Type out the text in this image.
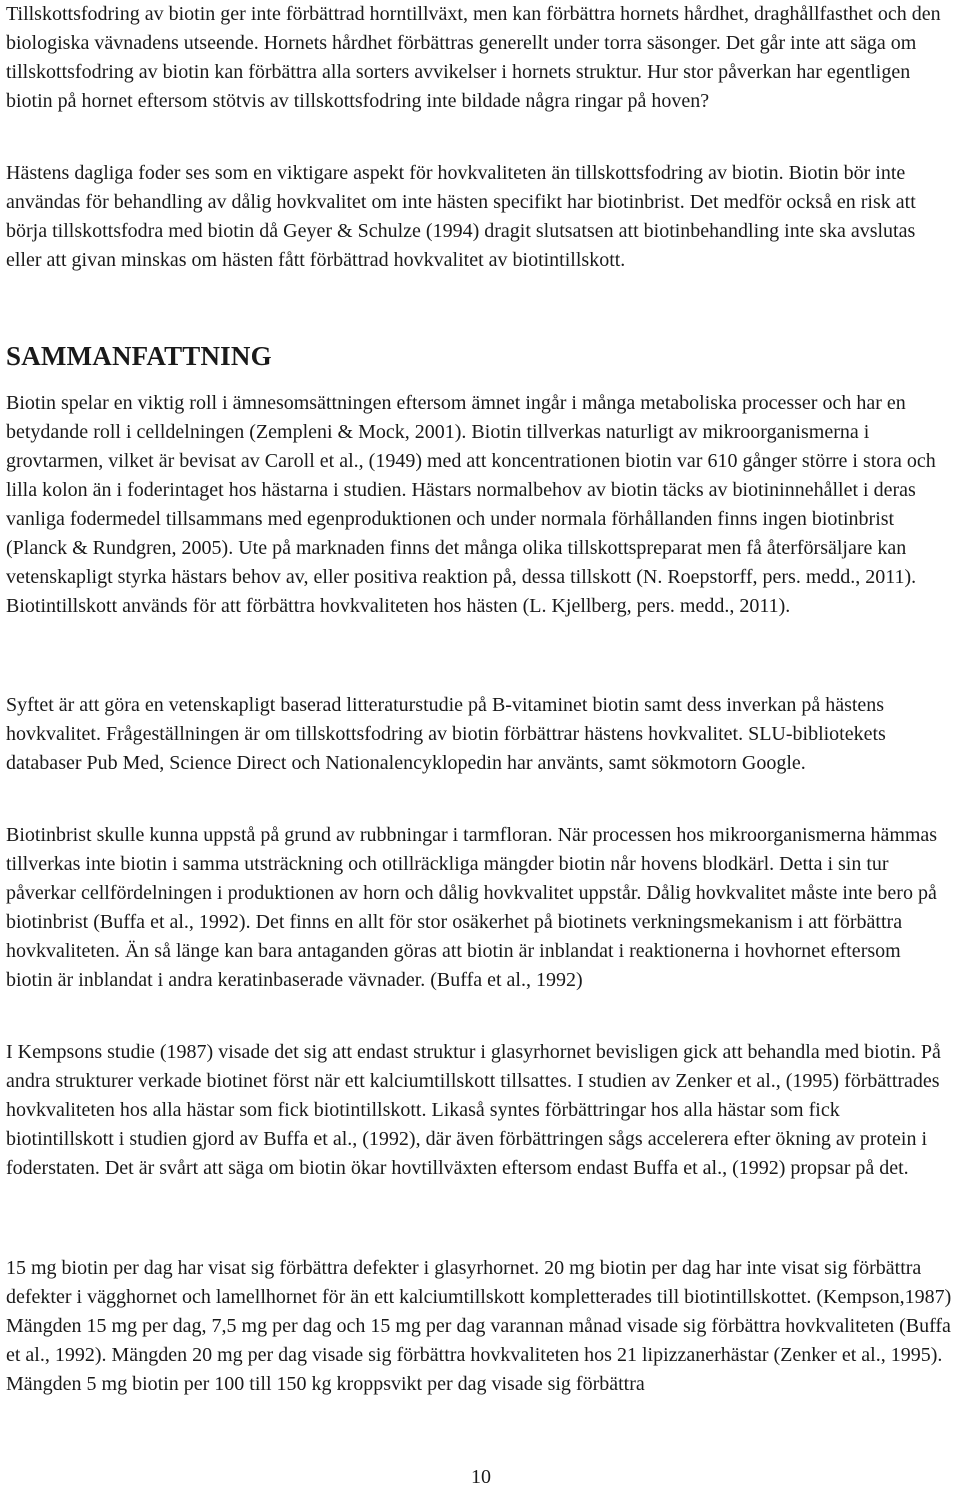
Tillskottsfodring av biotin ger inte förbättrad horntillväxt, men kan förbättra hornets hårdhet, draghållfasthet och den biologiska vävnadens utseende. Hornets hårdhet förbättras generellt under torra säsonger. Det går inte att säga om tillskottsfodring av biotin kan förbättra alla sorters avvikelser i hornets struktur. Hur stor påverkan har egentligen biotin på hornet eftersom stötvis av tillskottsfodring inte bildade några ringar på hoven?

Hästens dagliga foder ses som en viktigare aspekt för hovkvaliteten än tillskottsfodring av biotin. Biotin bör inte användas för behandling av dålig hovkvalitet om inte hästen specifikt har biotinbrist. Det medför också en risk att börja tillskottsfodra med biotin då Geyer & Schulze (1994) dragit slutsatsen att biotinbehandling inte ska avslutas eller att givan minskas om hästen fått förbättrad hovkvalitet av biotintillskott.

SAMMANFATTNING

Biotin spelar en viktig roll i ämnesomsättningen eftersom ämnet ingår i många metaboliska processer och har en betydande roll i celldelningen (Zempleni & Mock, 2001). Biotin tillverkas naturligt av mikroorganismerna i grovtarmen, vilket är bevisat av Caroll et al., (1949) med att koncentrationen biotin var 610 gånger större i stora och lilla kolon än i foderintaget hos hästarna i studien. Hästars normalbehov av biotin täcks av biotininnehållet i deras vanliga fodermedel tillsammans med egenproduktionen och under normala förhållanden finns ingen biotinbrist (Planck & Rundgren, 2005). Ute på marknaden finns det många olika tillskottspreparat men få återförsäljare kan vetenskapligt styrka hästars behov av, eller positiva reaktion på, dessa tillskott (N. Roepstorff, pers. medd., 2011). Biotintillskott används för att förbättra hovkvaliteten hos hästen (L. Kjellberg, pers. medd., 2011).

Syftet är att göra en vetenskapligt baserad litteraturstudie på B-vitaminet biotin samt dess inverkan på hästens hovkvalitet. Frågeställningen är om tillskottsfodring av biotin förbättrar hästens hovkvalitet. SLU-bibliotekets databaser Pub Med, Science Direct och Nationalencyklopedin har använts, samt sökmotorn Google.

Biotinbrist skulle kunna uppstå på grund av rubbningar i tarmfloran. När processen hos mikroorganismerna hämmas tillverkas inte biotin i samma utsträckning och otillräckliga mängder biotin når hovens blodkärl. Detta i sin tur påverkar cellfördelningen i produktionen av horn och dålig hovkvalitet uppstår. Dålig hovkvalitet måste inte bero på biotinbrist (Buffa et al., 1992). Det finns en allt för stor osäkerhet på biotinets verkningsmekanism i att förbättra hovkvaliteten. Än så länge kan bara antaganden göras att biotin är inblandat i reaktionerna i hovhornet eftersom biotin är inblandat i andra keratinbaserade vävnader. (Buffa et al., 1992)

I Kempsons studie (1987) visade det sig att endast struktur i glasyrhornet bevisligen gick att behandla med biotin. På andra strukturer verkade biotinet först när ett kalciumtillskott tillsattes. I studien av Zenker et al., (1995) förbättrades hovkvaliteten hos alla hästar som fick biotintillskott. Likaså syntes förbättringar hos alla hästar som fick biotintillskott i studien gjord av Buffa et al., (1992), där även förbättringen sågs accelerera efter ökning av protein i foderstaten. Det är svårt att säga om biotin ökar hovtillväxten eftersom endast Buffa et al., (1992) propsar på det.

15 mg biotin per dag har visat sig förbättra defekter i glasyrhornet. 20 mg biotin per dag har inte visat sig förbättra defekter i vägghornet och lamellhornet för än ett kalciumtillskott kompletterades till biotintillskottet. (Kempson,1987) Mängden 15 mg per dag, 7,5 mg per dag och 15 mg per dag varannan månad visade sig förbättra hovkvaliteten (Buffa et al., 1992). Mängden 20 mg per dag visade sig förbättra hovkvaliteten hos 21 lipizzanerhästar (Zenker et al., 1995). Mängden 5 mg biotin per 100 till 150 kg kroppsvikt per dag visade sig förbättra

10
